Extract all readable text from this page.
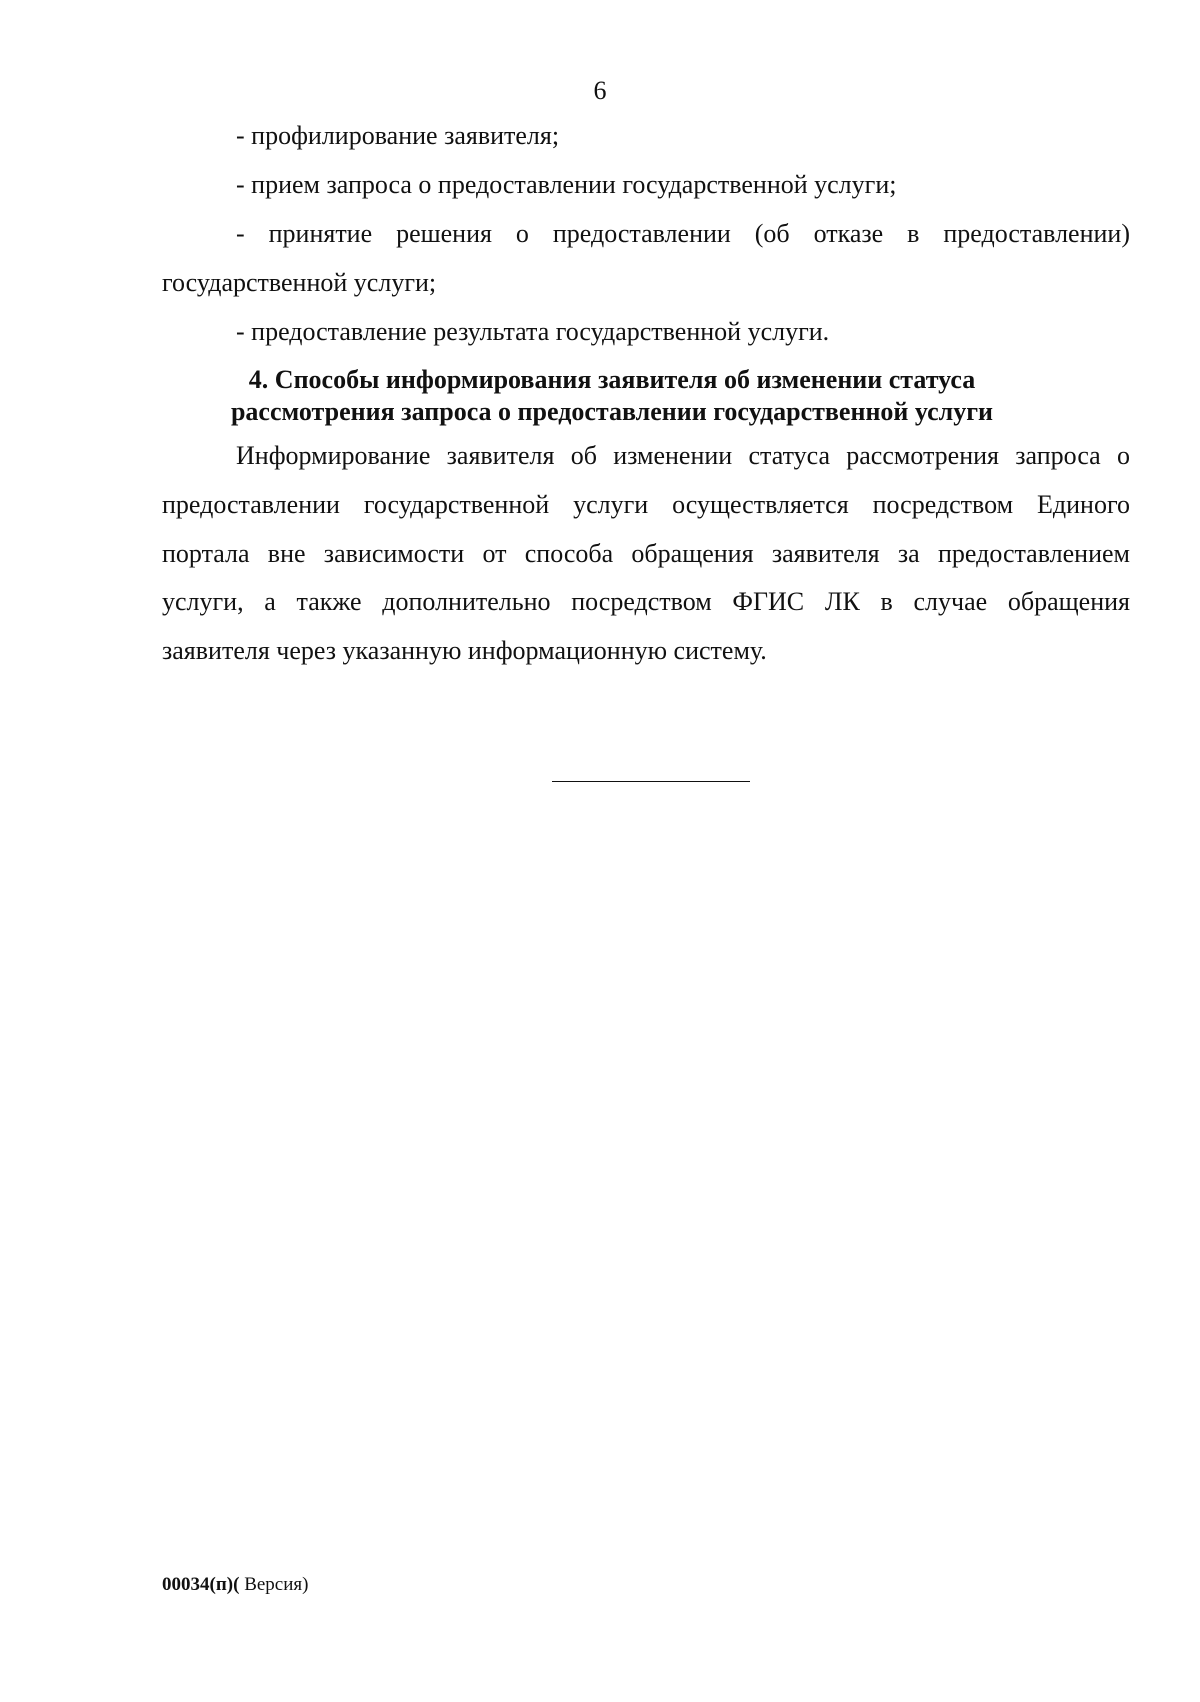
6
- профилирование заявителя;
- прием запроса о предоставлении государственной услуги;
- принятие решения о предоставлении (об отказе в предоставлении)
государственной услуги;
- предоставление результата государственной услуги.
4. Способы информирования заявителя об изменении статуса
рассмотрения запроса о предоставлении государственной услуги
Информирование заявителя об изменении статуса рассмотрения запроса о
предоставлении государственной услуги осуществляется посредством Единого
портала вне зависимости от способа обращения заявителя за предоставлением
услуги, а также дополнительно посредством ФГИС ЛК в случае обращения
заявителя через указанную информационную систему.
00034(п)( Версия)
